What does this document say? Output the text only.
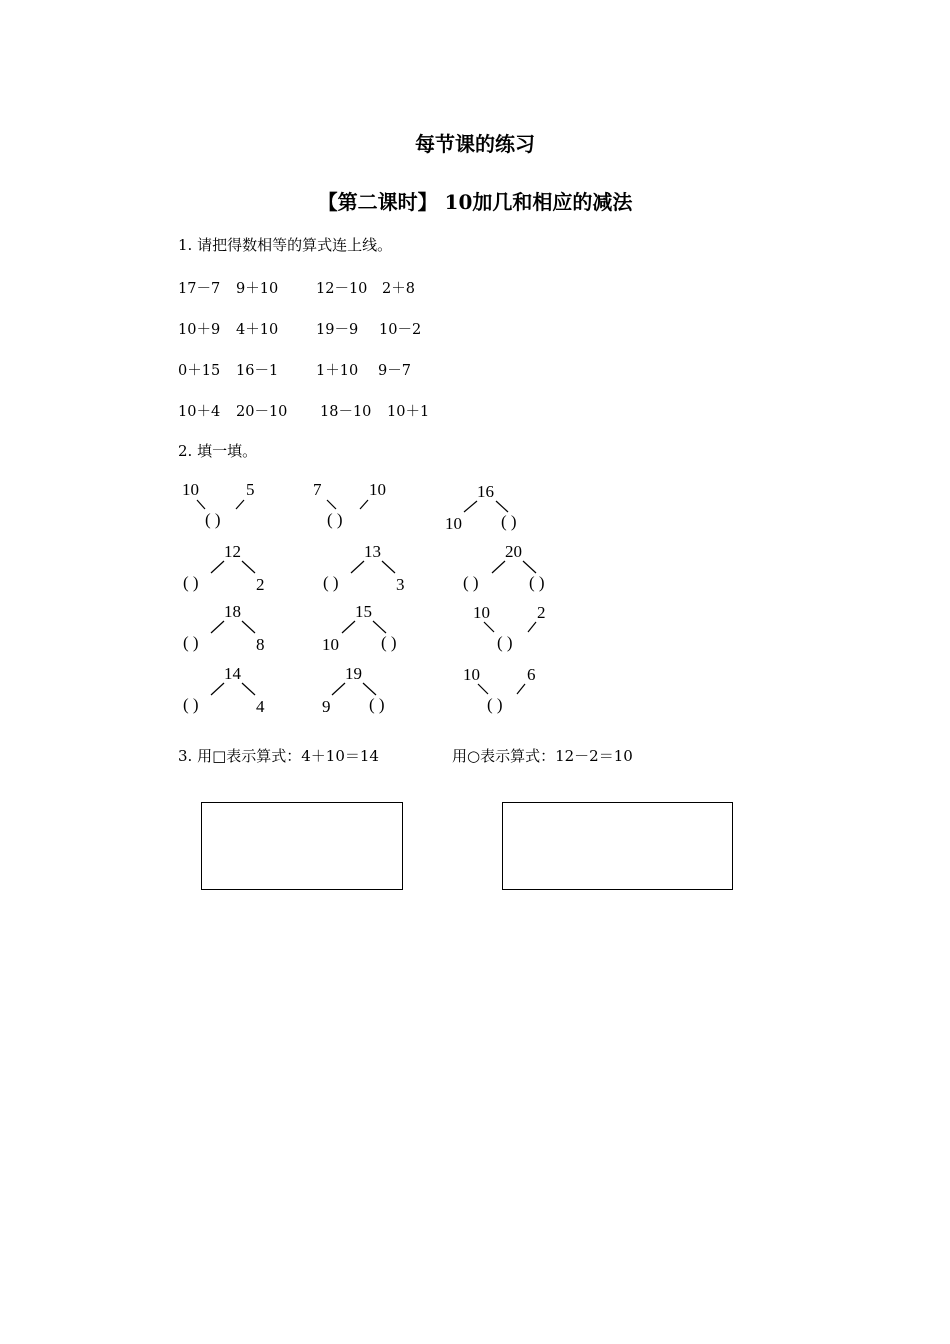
每节课的练习
【第二课时】 10加几和相应的减法
1. 请把得数相等的算式连上线。
17－7 9＋10	12－10 2＋8
10＋9 4＋10	19－9 10－2
0＋15 16－1	1＋10 9－7
10＋4 20－10 18－10 10＋1
2. 填一填。
10	5
( )
7	10
( )
16
10 ( )
12
( )	2
13
( )	3
20
( )	( )
18
( )	8
15
10 ( )
10	2
( )
14
( )	4
19
9 ( )
10	6
( )
3. 用□表示算式：4＋10＝14	用○表示算式：12－2＝10
